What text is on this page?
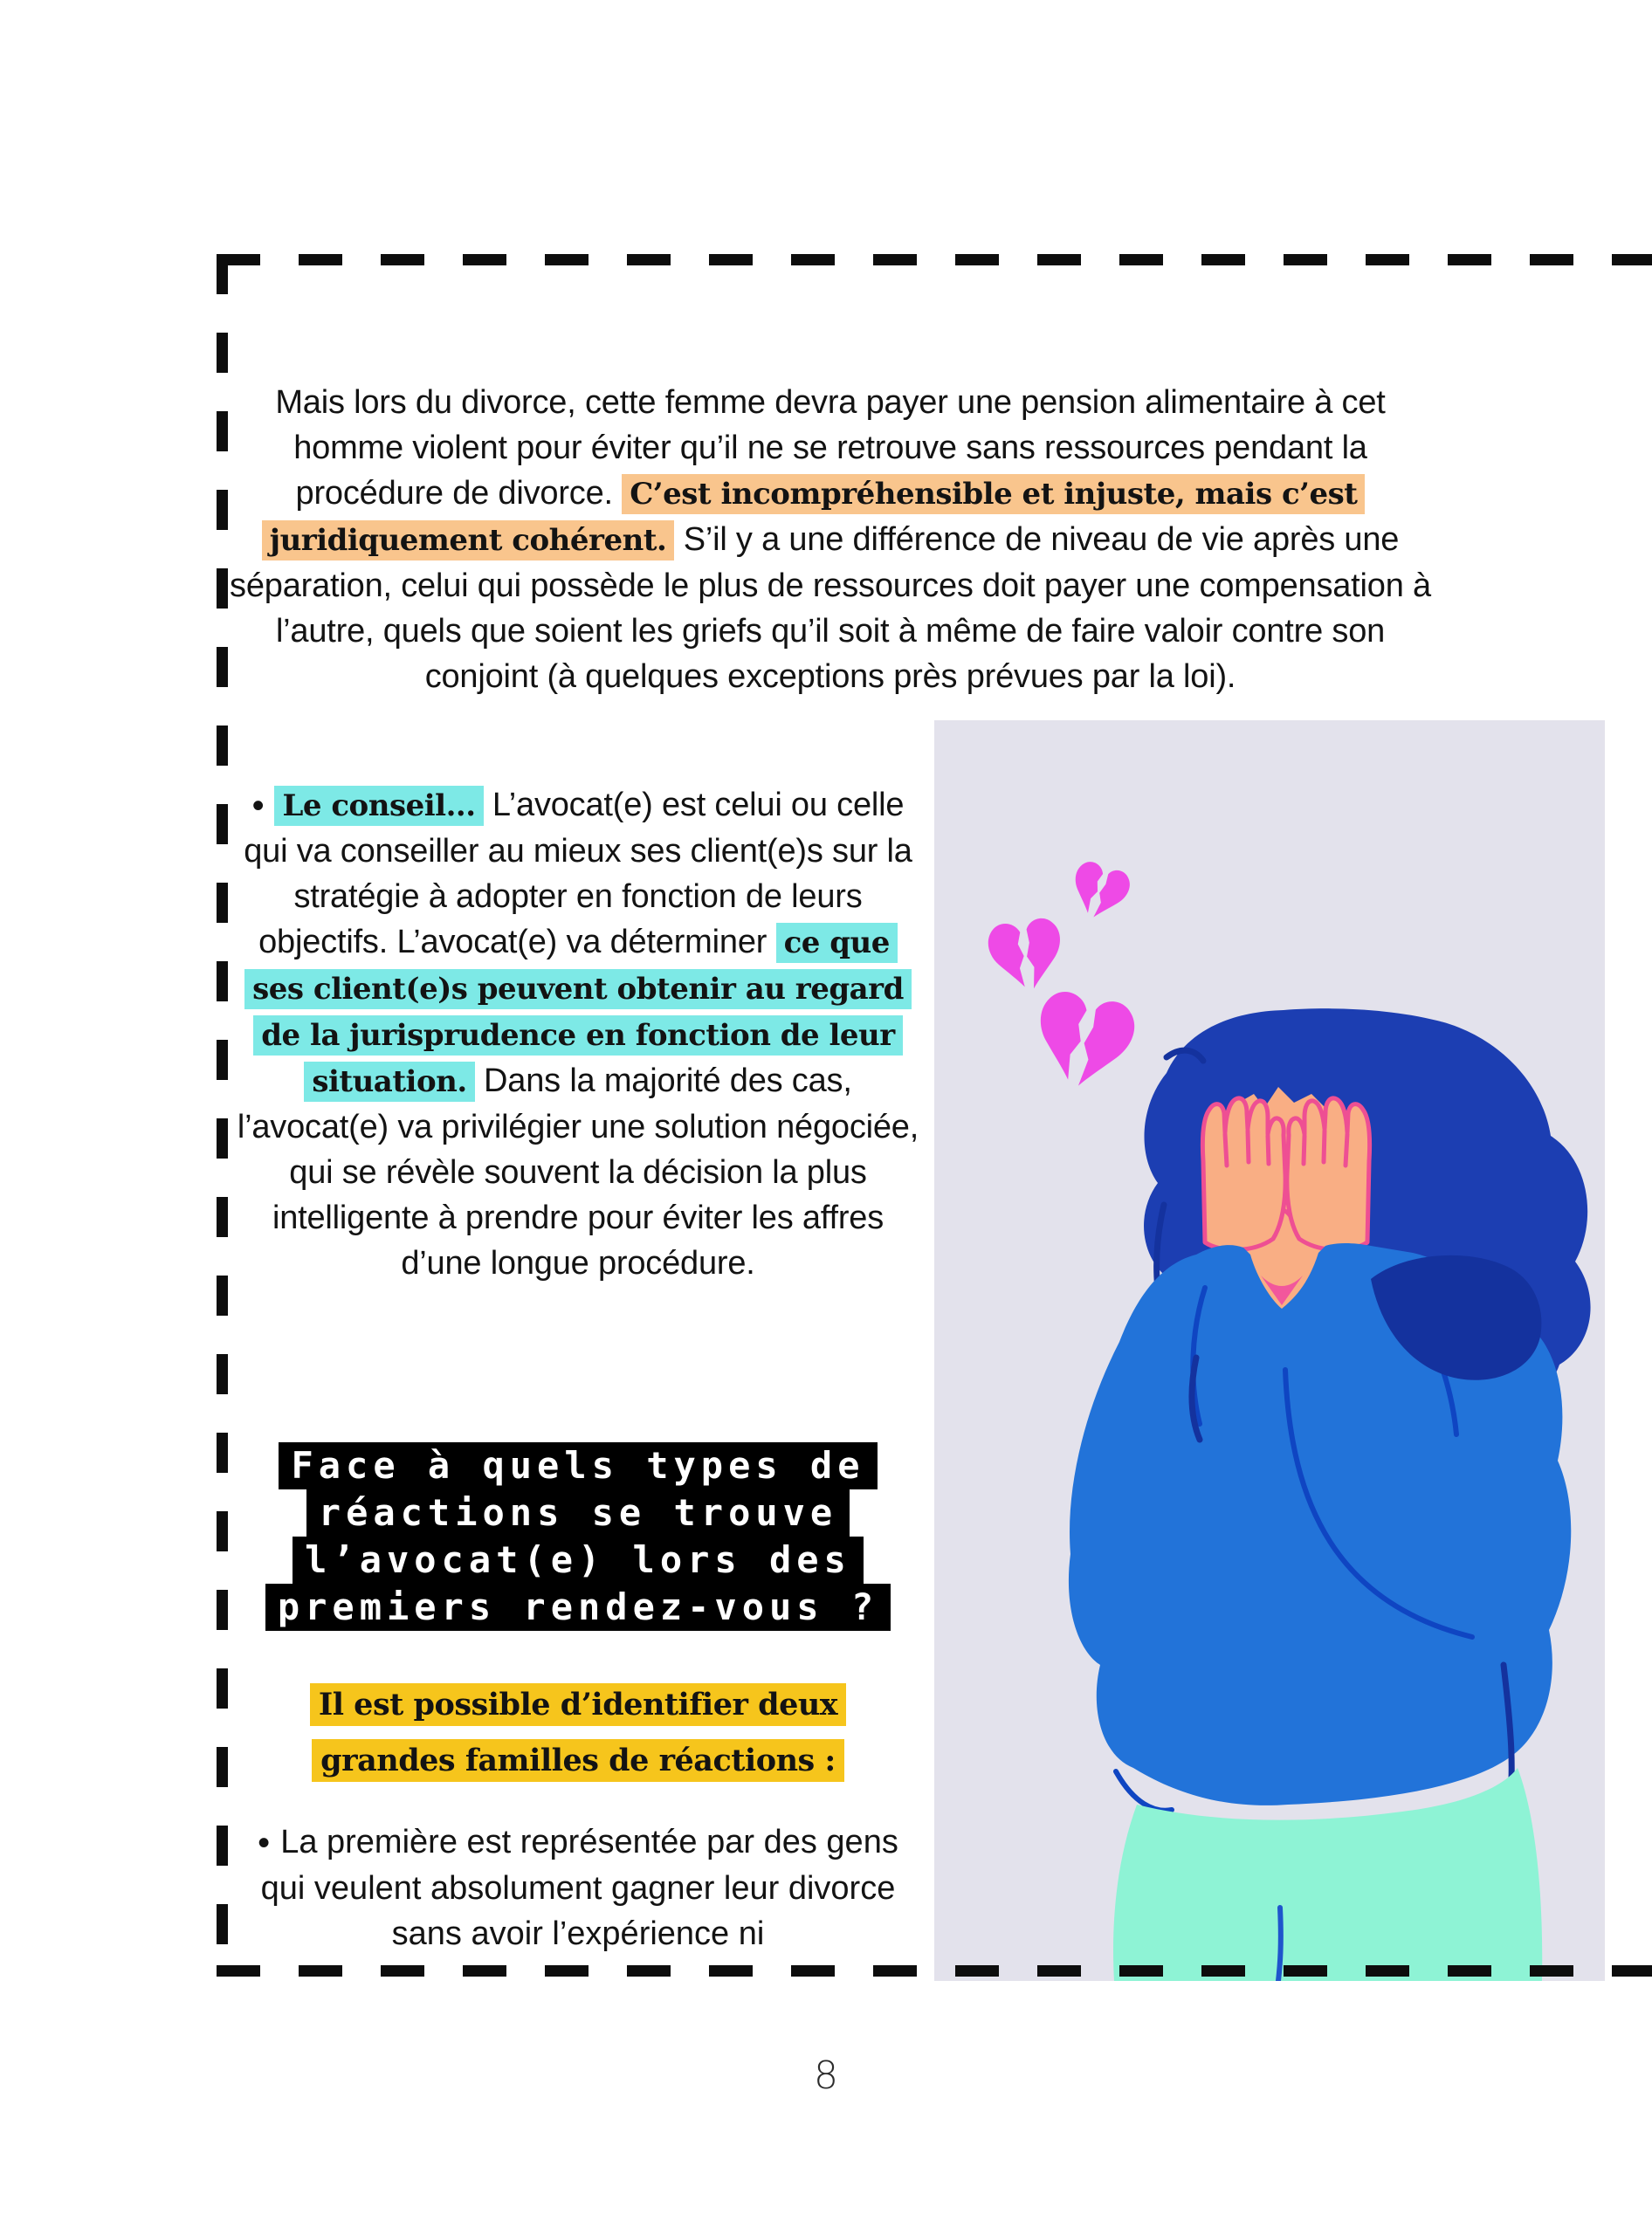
Mais lors du divorce, cette femme devra payer une pension alimentaire à cet homme violent pour éviter qu’il ne se retrouve sans ressources pendant la procédure de divorce. C’est incompréhensible et injuste, mais c’est juridiquement cohérent. S’il y a une différence de niveau de vie après une séparation, celui qui possède le plus de ressources doit payer une compensation à l’autre, quels que soient les griefs qu’il soit à même de faire valoir contre son conjoint (à quelques exceptions près prévues par la loi).

• Le conseil... L’avocat(e) est celui ou celle qui va conseiller au mieux ses client(e)s sur la stratégie à adopter en fonction de leurs objectifs. L’avocat(e) va déterminer ce que ses client(e)s peuvent obtenir au regard de la jurisprudence en fonction de leur situation. Dans la majorité des cas, l’avocat(e) va privilégier une solution négociée, qui se révèle souvent la décision la plus intelligente à prendre pour éviter les affres d’une longue procédure.

Face à quels types de
réactions se trouve
l’avocat(e) lors des
premiers rendez-vous ?
Il est possible d’identifier deux
grandes familles de réactions :

• La première est représentée par des gens qui veulent absolument gagner leur divorce sans avoir l’expérience ni

8
